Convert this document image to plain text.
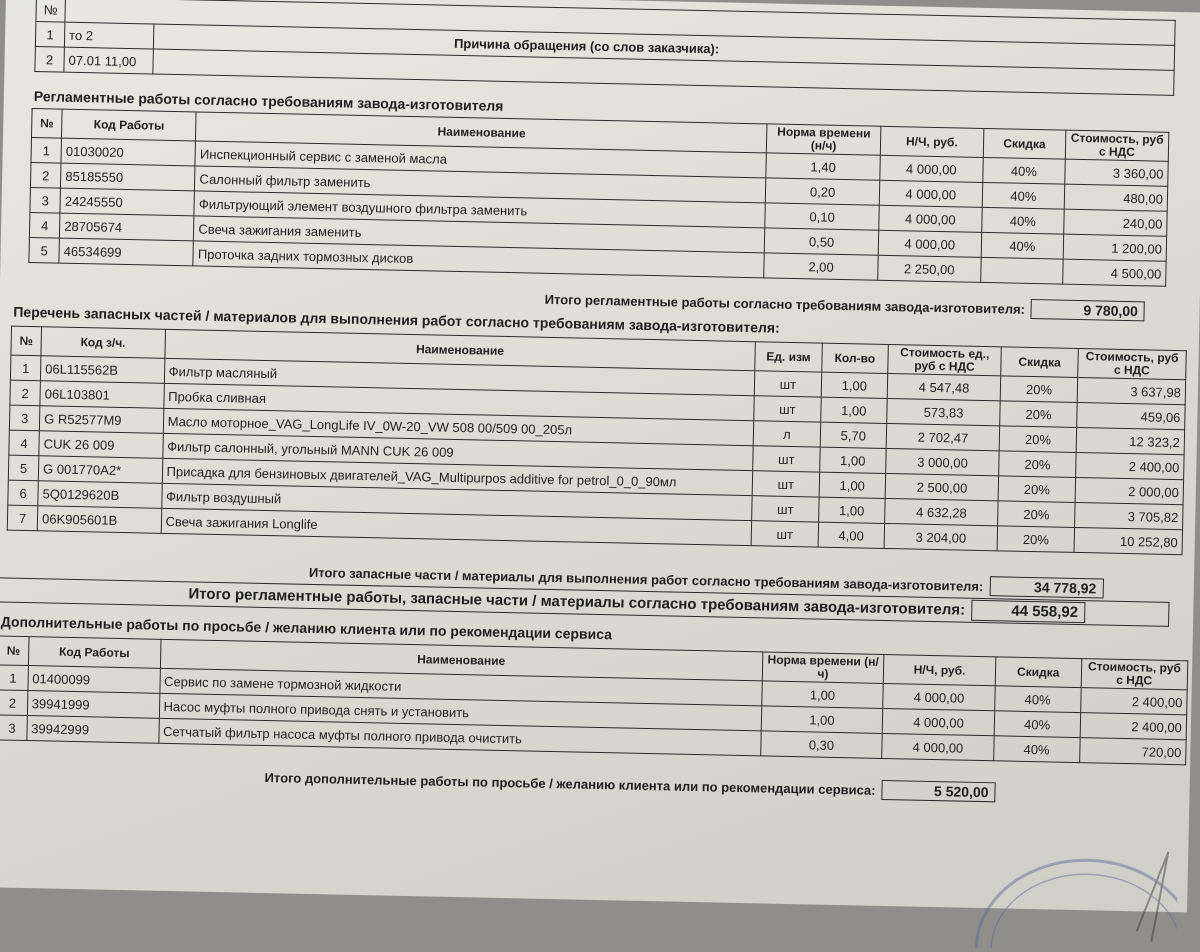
№		
1	то 2	Причина обращения (со слов заказчика):
2	07.01 11,00	
Регламентные работы согласно требованиям завода-изготовителя
№	Код Работы	Наименование	Норма времени (н/ч)	Н/Ч, руб.	Скидка	Стоимость, руб с НДС
1	01030020	Инспекционный сервис с заменой масла	1,40	4 000,00	40%	3 360,00
2	85185550	Салонный фильтр заменить	0,20	4 000,00	40%	480,00
3	24245550	Фильтрующий элемент воздушного фильтра заменить	0,10	4 000,00	40%	240,00
4	28705674	Свеча зажигания заменить	0,50	4 000,00	40%	1 200,00
5	46534699	Проточка задних тормозных дисков	2,00	2 250,00		4 500,00
Итого регламентные работы согласно требованиям завода-изготовителя:	9 780,00
Перечень запасных частей / материалов для выполнения работ согласно требованиям завода-изготовителя:
№	Код з/ч.	Наименование	Ед. изм	Кол-во	Стоимость ед., руб с НДС	Скидка	Стоимость, руб с НДС
1	06L115562B	Фильтр масляный	шт	1,00	4 547,48	20%	3 637,98
2	06L103801	Пробка сливная	шт	1,00	573,83	20%	459,06
3	G R52577M9	Масло моторное_VAG_LongLife IV_0W-20_VW 508 00/509 00_205л	л	5,70	2 702,47	20%	12 323,2
4	CUK 26 009	Фильтр салонный, угольный MANN CUK 26 009	шт	1,00	3 000,00	20%	2 400,00
5	G 001770A2*	Присадка для бензиновых двигателей_VAG_Multipurpos additive for petrol_0_0_90мл	шт	1,00	2 500,00	20%	2 000,00
6	5Q0129620B	Фильтр воздушный	шт	1,00	4 632,28	20%	3 705,82
7	06K905601B	Свеча зажигания Longlife	шт	4,00	3 204,00	20%	10 252,80
Итого запасные части / материалы для выполнения работ согласно требованиям завода-изготовителя:	34 778,92
Итого регламентные работы, запасные части / материалы согласно требованиям завода-изготовителя:	44 558,92
Дополнительные работы по просьбе / желанию клиента или по рекомендации сервиса
№	Код Работы	Наименование	Норма времени (н/ч)	Н/Ч, руб.	Скидка	Стоимость, руб с НДС
1	01400099	Сервис по замене тормозной жидкости	1,00	4 000,00	40%	2 400,00
2	39941999	Насос муфты полного привода снять и установить	1,00	4 000,00	40%	2 400,00
3	39942999	Сетчатый фильтр насоса муфты полного привода очистить	0,30	4 000,00	40%	720,00
Итого дополнительные работы по просьбе / желанию клиента или по рекомендации сервиса:	5 520,00
